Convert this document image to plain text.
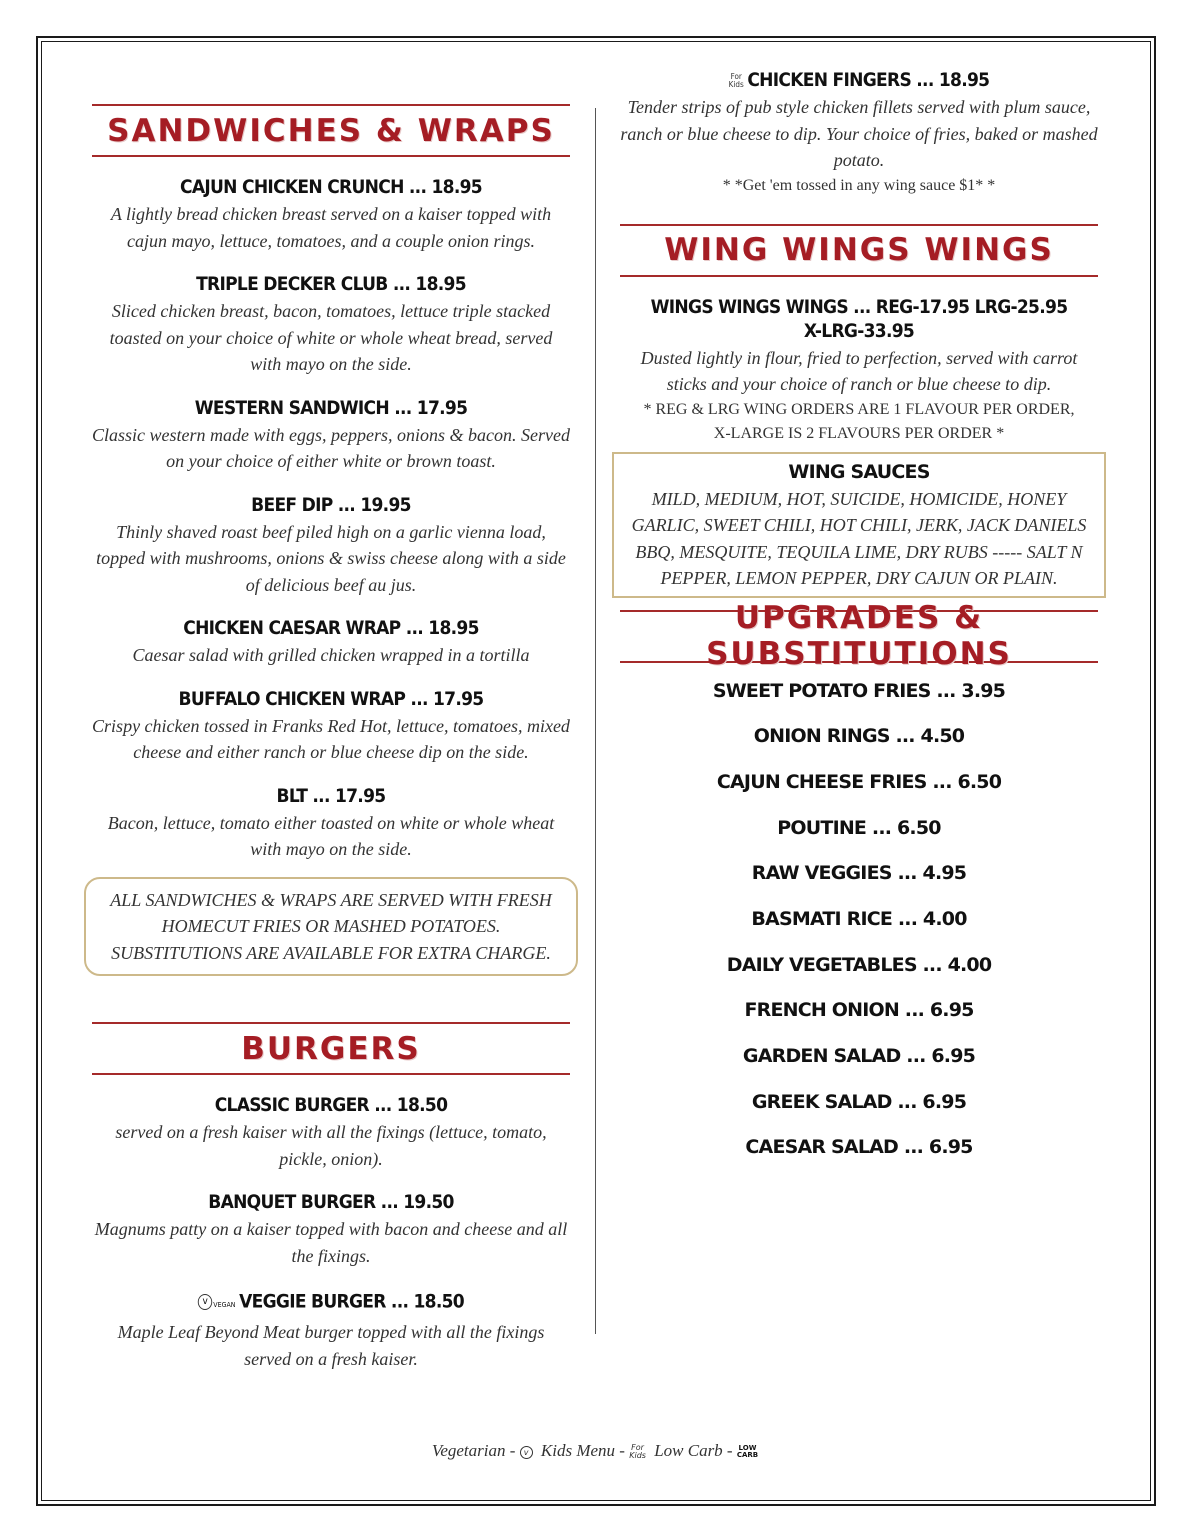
SANDWICHES & WRAPS
CAJUN CHICKEN CRUNCH ... 18.95
A lightly bread chicken breast served on a kaiser topped with cajun mayo, lettuce, tomatoes, and a couple onion rings.
TRIPLE DECKER CLUB ... 18.95
Sliced chicken breast, bacon, tomatoes, lettuce triple stacked toasted on your choice of white or whole wheat bread, served with mayo on the side.
WESTERN SANDWICH ... 17.95
Classic western made with eggs, peppers, onions & bacon. Served on your choice of either white or brown toast.
BEEF DIP ... 19.95
Thinly shaved roast beef piled high on a garlic vienna load, topped with mushrooms, onions & swiss cheese along with a side of delicious beef au jus.
CHICKEN CAESAR WRAP ... 18.95
Caesar salad with grilled chicken wrapped in a tortilla
BUFFALO CHICKEN WRAP ... 17.95
Crispy chicken tossed in Franks Red Hot, lettuce, tomatoes, mixed cheese and either ranch or blue cheese dip on the side.
BLT ... 17.95
Bacon, lettuce, tomato either toasted on white or whole wheat with mayo on the side.
ALL SANDWICHES & WRAPS ARE SERVED WITH FRESH HOMECUT FRIES OR MASHED POTATOES. SUBSTITUTIONS ARE AVAILABLE FOR EXTRA CHARGE.
BURGERS
CLASSIC BURGER ... 18.50
served on a fresh kaiser with all the fixings (lettuce, tomato, pickle, onion).
BANQUET BURGER ... 19.50
Magnums patty on a kaiser topped with bacon and cheese and all the fixings.
v VEGAN VEGGIE BURGER ... 18.50
Maple Leaf Beyond Meat burger topped with all the fixings served on a fresh kaiser.
For
Kids CHICKEN FINGERS ... 18.95
Tender strips of pub style chicken fillets served with plum sauce, ranch or blue cheese to dip. Your choice of fries, baked or mashed potato.
* *Get 'em tossed in any wing sauce $1* *
WING WINGS WINGS
WINGS WINGS WINGS ... REG-17.95 LRG-25.95 X-LRG-33.95
Dusted lightly in flour, fried to perfection, served with carrot sticks and your choice of ranch or blue cheese to dip.
* REG & LRG WING ORDERS ARE 1 FLAVOUR PER ORDER,
X-LARGE IS 2 FLAVOURS PER ORDER *
WING SAUCES
MILD, MEDIUM, HOT, SUICIDE, HOMICIDE, HONEY GARLIC, SWEET CHILI, HOT CHILI, JERK, JACK DANIELS BBQ, MESQUITE, TEQUILA LIME, DRY RUBS ----- SALT N PEPPER, LEMON PEPPER, DRY CAJUN OR PLAIN.
UPGRADES & SUBSTITUTIONS
SWEET POTATO FRIES ... 3.95
ONION RINGS ... 4.50
CAJUN CHEESE FRIES ... 6.50
POUTINE ... 6.50
RAW VEGGIES ... 4.95
BASMATI RICE ... 4.00
DAILY VEGETABLES ... 4.00
FRENCH ONION ... 6.95
GARDEN SALAD ... 6.95
GREEK SALAD ... 6.95
CAESAR SALAD ... 6.95
Vegetarian -	v Kids Menu - For
Kids Low Carb - LOW
CARB
